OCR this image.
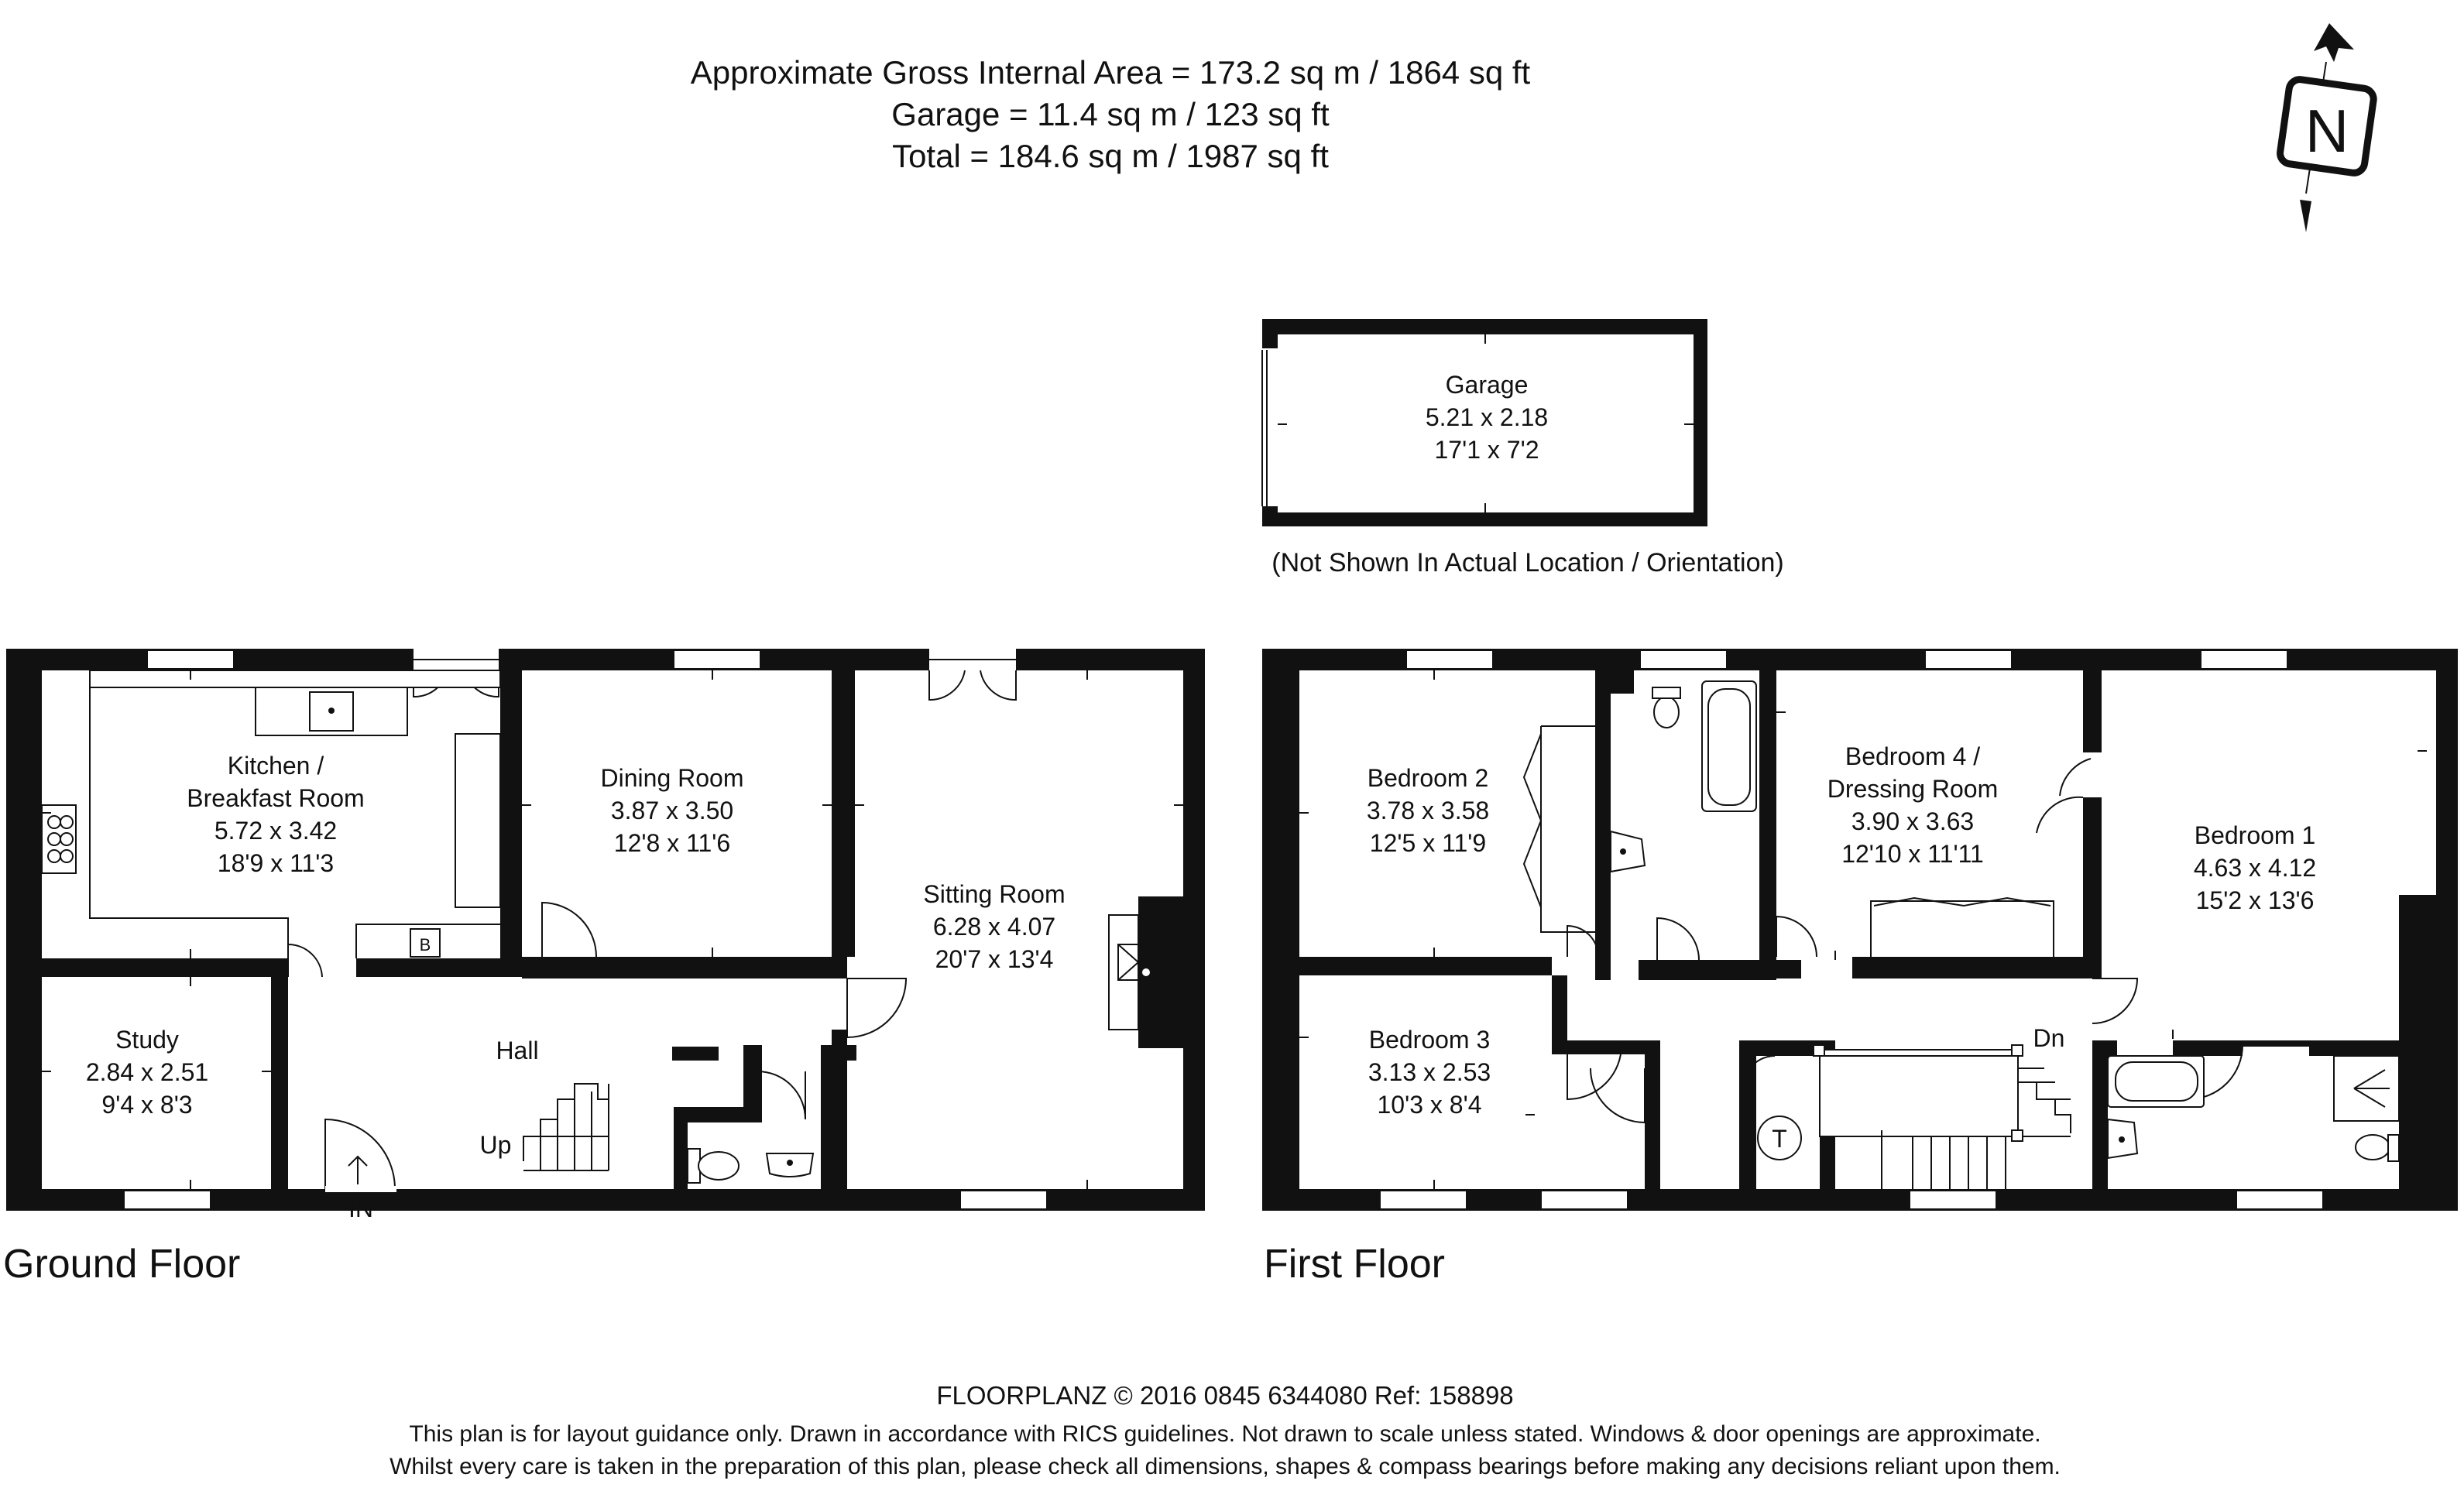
Approximate Gross Internal Area = 173.2 sq m / 1864 sq ft
Garage = 11.4 sq m / 123 sq ft
Total = 184.6 sq m / 1987 sq ft	N
Garage
5.21 x 2.18
17'1 x 7'2
(Not Shown In Actual Location / Orientation)
B
IN
Up
Kitchen /
Breakfast Room
5.72 x 3.42
18'9 x 11'3
Dining Room
3.87 x 3.50
12'8 x 11'6
Sitting Room
6.28 x 4.07
20'7 x 13'4
Study
2.84 x 2.51
9'4 x 8'3
Hall
Ground Floor
T
Dn
Bedroom 2
3.78 x 3.58
12'5 x 11'9
Bedroom 4 /
Dressing Room
3.90 x 3.63
12'10 x 11'11
Bedroom 1
4.63 x 4.12
15'2 x 13'6
Bedroom 3
3.13 x 2.53
10'3 x 8'4
First Floor
FLOORPLANZ © 2016 0845 6344080 Ref: 158898
This plan is for layout guidance only. Drawn in accordance with RICS guidelines. Not drawn to scale unless stated. Windows & door openings are approximate.
Whilst every care is taken in the preparation of this plan, please check all dimensions, shapes & compass bearings before making any decisions reliant upon them.
